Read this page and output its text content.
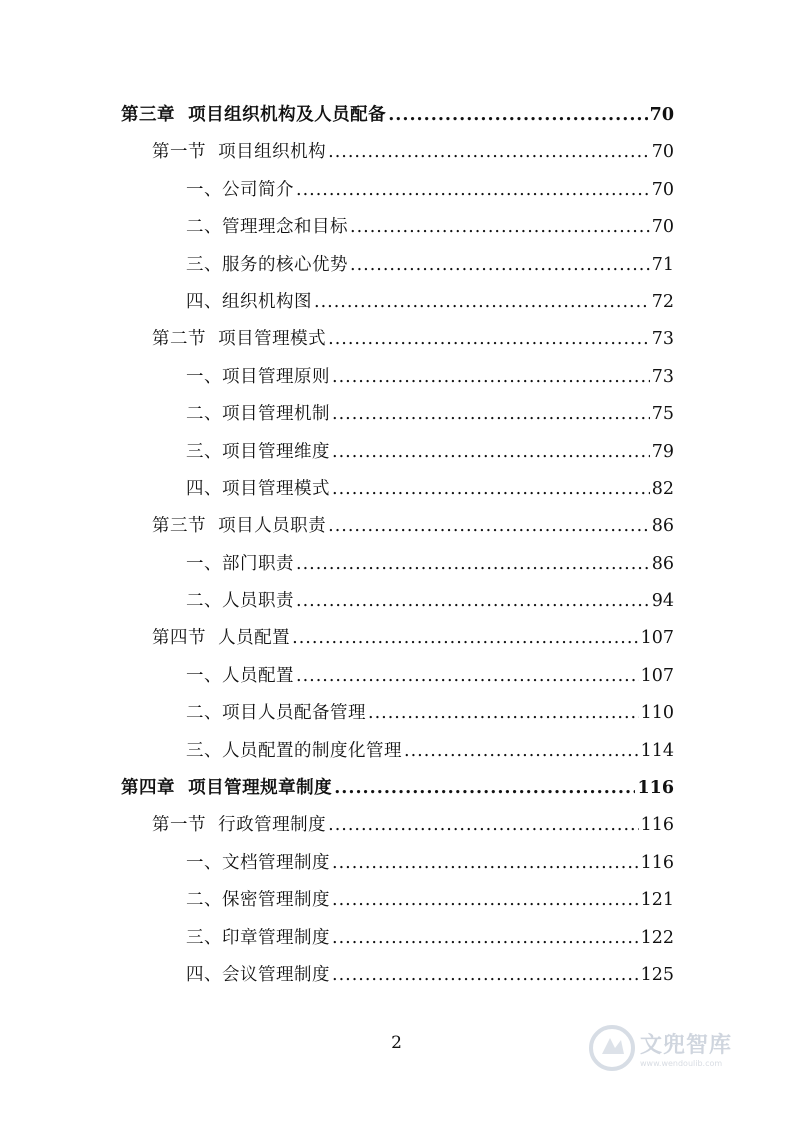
第三章  项目组织机构及人员配备 .....	70
第一节  项目组织机构 .....	70
一、公司简介 .....	70
二、管理理念和目标 .....	70
三、服务的核心优势 .....	71
四、组织机构图 .....	72
第二节  项目管理模式 .....	73
一、项目管理原则 .....	73
二、项目管理机制 .....	75
三、项目管理维度 .....	79
四、项目管理模式 .....	82
第三节  项目人员职责 .....	86
一、部门职责 .....	86
二、人员职责 .....	94
第四节  人员配置 .....	107
一、人员配置 .....	107
二、项目人员配备管理 .....	110
三、人员配置的制度化管理 .....	114
第四章  项目管理规章制度 .....	116
第一节  行政管理制度 .....	116
一、文档管理制度 .....	116
二、保密管理制度 .....	121
三、印章管理制度 .....	122
四、会议管理制度 .....	125
2	文兜智库
www.wendoulib.com
